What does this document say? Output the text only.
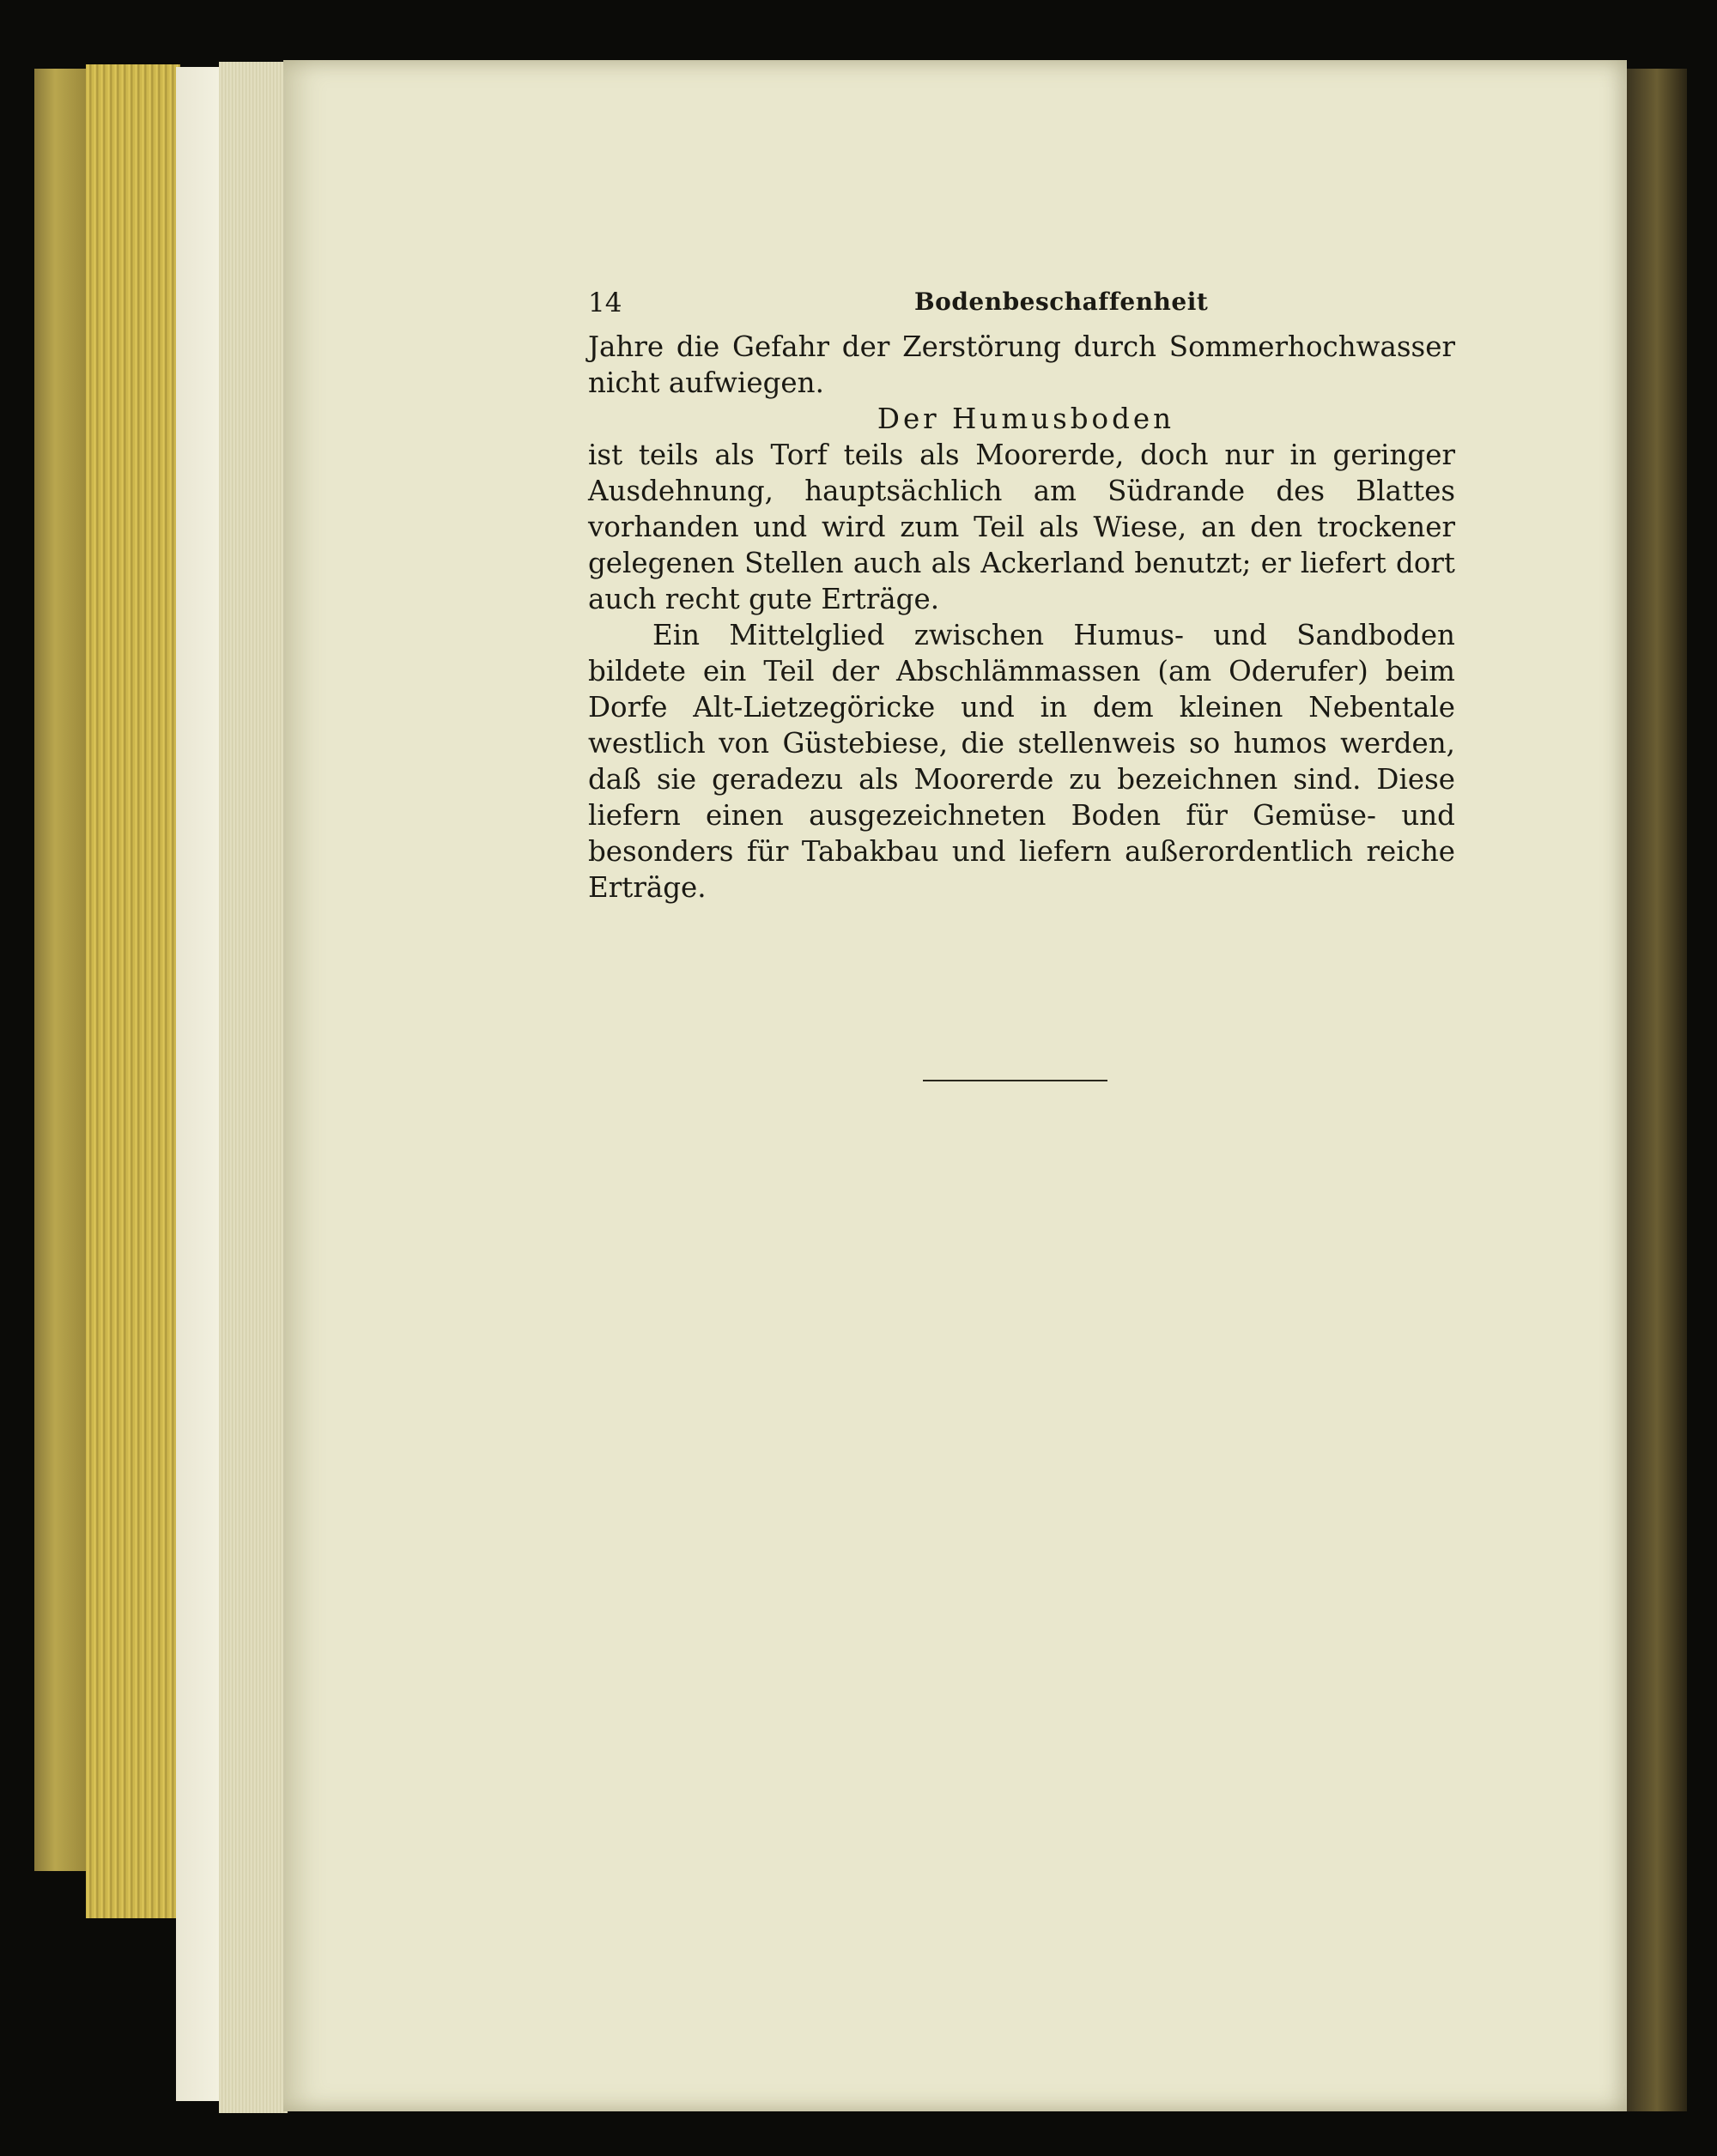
14	Bodenbeschaffenheit

Jahre die Gefahr der Zerstörung durch Sommerhochwasser nicht aufwiegen.

Der Humusboden

ist teils als Torf teils als Moorerde, doch nur in geringer Ausdehnung, hauptsächlich am Südrande des Blattes vorhanden und wird zum Teil als Wiese, an den trockener gelegenen Stellen auch als Ackerland benutzt; er liefert dort auch recht gute Erträge.

Ein Mittelglied zwischen Humus- und Sandboden bildete ein Teil der Abschlämmassen (am Oderufer) beim Dorfe Alt-Lietzegöricke und in dem kleinen Nebentale westlich von Güstebiese, die stellenweis so humos werden, daß sie geradezu als Moorerde zu bezeichnen sind. Diese liefern einen ausgezeichneten Boden für Gemüse- und besonders für Tabakbau und liefern außerordentlich reiche Erträge.
